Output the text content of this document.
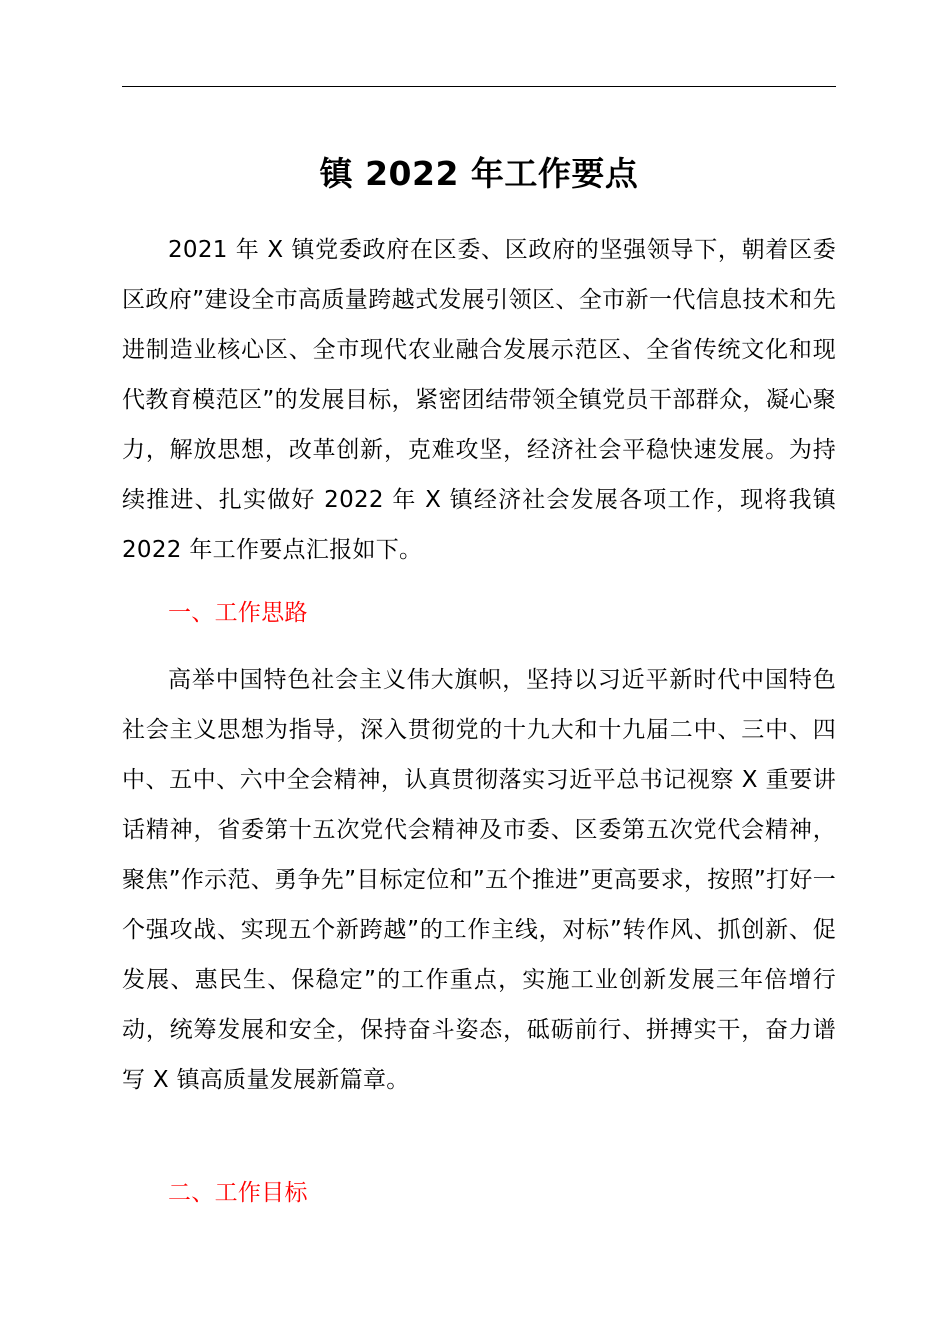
镇 2022 年工作要点

2021 年 X 镇党委政府在区委、区政府的坚强领导下，朝着区委区政府”建设全市高质量跨越式发展引领区、全市新一代信息技术和先进制造业核心区、全市现代农业融合发展示范区、全省传统文化和现代教育模范区”的发展目标，紧密团结带领全镇党员干部群众，凝心聚力，解放思想，改革创新，克难攻坚，经济社会平稳快速发展。为持续推进、扎实做好 2022 年 X 镇经济社会发展各项工作，现将我镇 2022 年工作要点汇报如下。

一、工作思路

高举中国特色社会主义伟大旗帜，坚持以习近平新时代中国特色社会主义思想为指导，深入贯彻党的十九大和十九届二中、三中、四中、五中、六中全会精神，认真贯彻落实习近平总书记视察 X 重要讲话精神，省委第十五次党代会精神及市委、区委第五次党代会精神，聚焦”作示范、勇争先”目标定位和”五个推进”更高要求，按照”打好一个强攻战、实现五个新跨越”的工作主线，对标”转作风、抓创新、促发展、惠民生、保稳定”的工作重点，实施工业创新发展三年倍增行动，统筹发展和安全，保持奋斗姿态，砥砺前行、拼搏实干，奋力谱写 X 镇高质量发展新篇章。

二、工作目标
